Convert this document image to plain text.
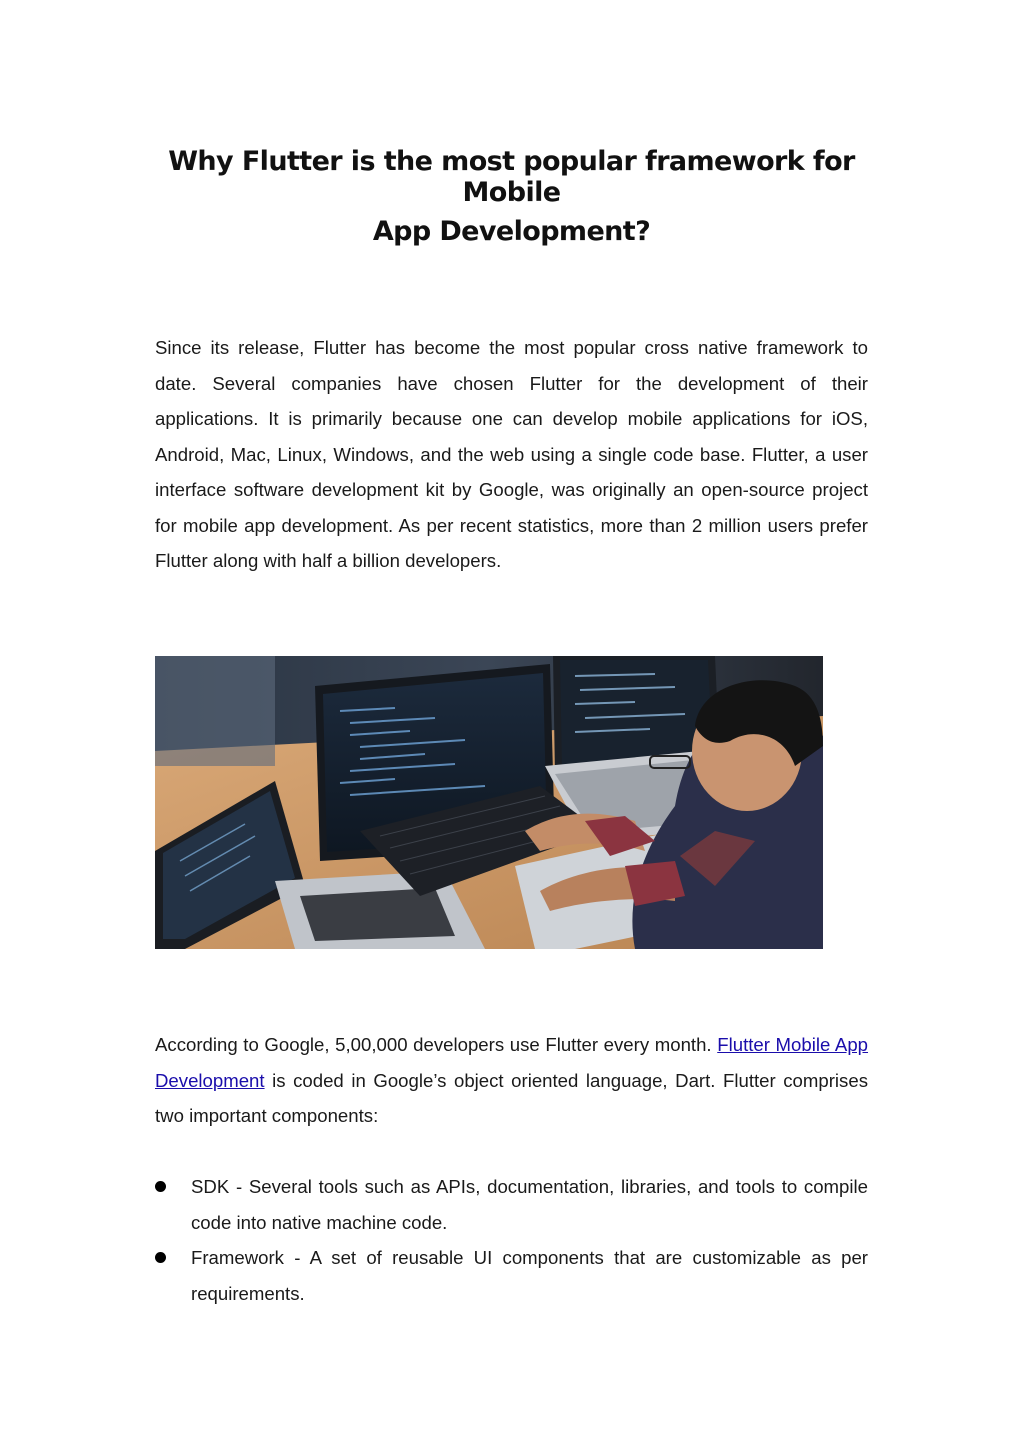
Why Flutter is the most popular framework for Mobile
App Development?

Since its release, Flutter has become the most popular cross native framework to date. Several companies have chosen Flutter for the development of their applications. It is primarily because one can develop mobile applications for iOS, Android, Mac, Linux, Windows, and the web using a single code base. Flutter, a user interface software development kit by Google, was originally an open-source project for mobile app development. As per recent statistics, more than 2 million users prefer Flutter along with half a billion developers.

According to Google, 5,00,000 developers use Flutter every month. Flutter Mobile App Development is coded in Google’s object oriented language, Dart. Flutter comprises two important components:

SDK - Several tools such as APIs, documentation, libraries, and tools to compile code into native machine code.
Framework - A set of reusable UI components that are customizable as per requirements.
